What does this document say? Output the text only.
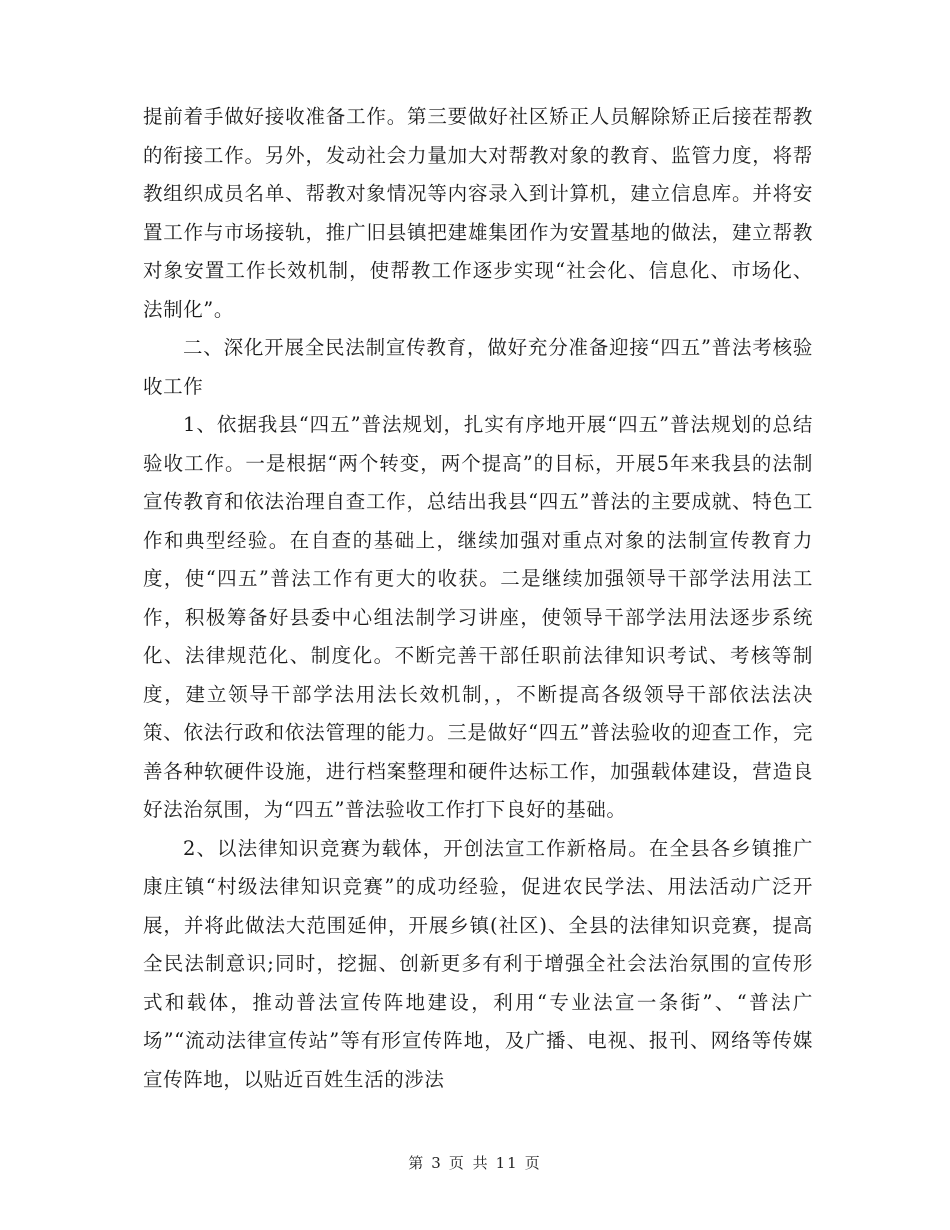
提前着手做好接收准备工作。第三要做好社区矫正人员解除矫正后接茬帮教的衔接工作。另外，发动社会力量加大对帮教对象的教育、监管力度，将帮教组织成员名单、帮教对象情况等内容录入到计算机，建立信息库。并将安置工作与市场接轨，推广旧县镇把建雄集团作为安置基地的做法，建立帮教对象安置工作长效机制，使帮教工作逐步实现“社会化、信息化、市场化、法制化”。

二、深化开展全民法制宣传教育，做好充分准备迎接“四五”普法考核验收工作

1、依据我县“四五”普法规划，扎实有序地开展“四五”普法规划的总结验收工作。一是根据“两个转变，两个提高”的目标，开展5年来我县的法制宣传教育和依法治理自查工作，总结出我县“四五”普法的主要成就、特色工作和典型经验。在自查的基础上，继续加强对重点对象的法制宣传教育力度，使“四五”普法工作有更大的收获。二是继续加强领导干部学法用法工作，积极筹备好县委中心组法制学习讲座，使领导干部学法用法逐步系统化、法律规范化、制度化。不断完善干部任职前法律知识考试、考核等制度，建立领导干部学法用法长效机制，，不断提高各级领导干部依法法决策、依法行政和依法管理的能力。三是做好“四五”普法验收的迎查工作，完善各种软硬件设施，进行档案整理和硬件达标工作，加强载体建设，营造良好法治氛围，为“四五”普法验收工作打下良好的基础。

2、以法律知识竞赛为载体，开创法宣工作新格局。在全县各乡镇推广康庄镇“村级法律知识竞赛”的成功经验，促进农民学法、用法活动广泛开展，并将此做法大范围延伸，开展乡镇(社区)、全县的法律知识竞赛，提高全民法制意识;同时，挖掘、创新更多有利于增强全社会法治氛围的宣传形式和载体，推动普法宣传阵地建设，利用“专业法宣一条街”、“普法广场”“流动法律宣传站”等有形宣传阵地，及广播、电视、报刊、网络等传媒宣传阵地，以贴近百姓生活的涉法

第 3 页 共 11 页
